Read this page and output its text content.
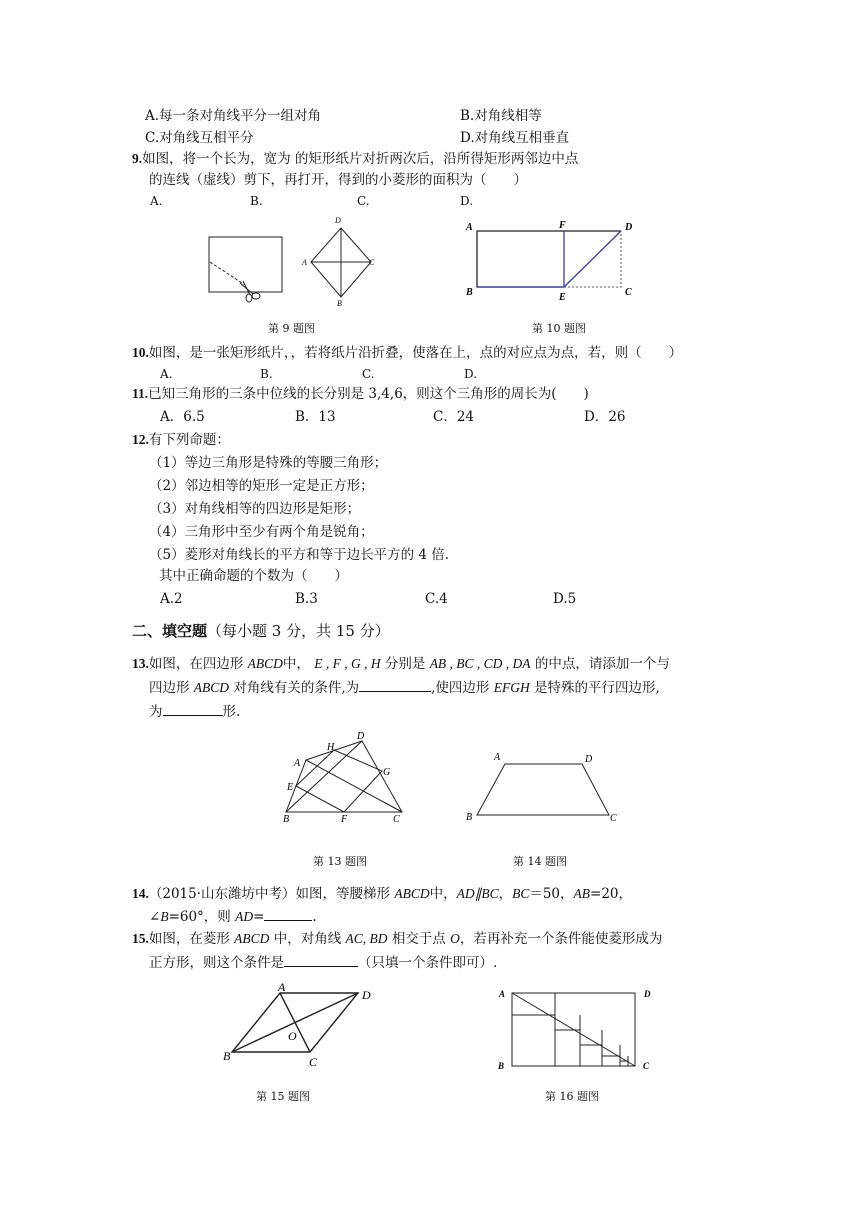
A.每一条对角线平分一组对角	B.对角线相等
C.对角线互相平分	D.对角线互相垂直
9.如图，将一个长为，宽为 的矩形纸片对折两次后，沿所得矩形两邻边中点
的连线（虚线）剪下，再打开，得到的小菱形的面积为（　　）
A.	B.	C.	D.
D
A	C
B
A	F	D
B	E	C
A
H
D
E
G
B	F	C
A	D
B	C
A
D
O
B	C
A	D
B	C
第 9 题图	第 10 题图
10.如图，是一张矩形纸片，，若将纸片沿折叠，使落在上，点的对应点为点，若，则（　　）
A.	B.	C.	D.
11.已知三角形的三条中位线的长分别是 3,4,6，则这个三角形的周长为(　　)
A．6.5	B．13	C．24	D．26
12.有下列命题：
（1）等边三角形是特殊的等腰三角形；
（2）邻边相等的矩形一定是正方形；
（3）对角线相等的四边形是矩形；
（4）三角形中至少有两个角是锐角；
（5）菱形对角线长的平方和等于边长平方的 4 倍.
其中正确命题的个数为（　　）
A.2	B.3	C.4	D.5
二、填空题（每小题 3 分，共 15 分）
13.如图，在四边形 ABCD中， E , F , G , H 分别是 AB , BC , CD , DA 的中点，请添加一个与
四边形 ABCD 对角线有关的条件,为	,使四边形 EFGH 是特殊的平行四边形,
为	形.
第 13 题图	第 14 题图
14.（2015·山东潍坊中考）如图，等腰梯形 ABCD中，AD∥BC，BC＝50，AB=20，
∠B=60°，则 AD=	.
15.如图，在菱形 ABCD 中，对角线 AC, BD 相交于点 O，若再补充一个条件能使菱形成为
正方形，则这个条件是	（只填一个条件即可）.
第 15 题图	第 16 题图
